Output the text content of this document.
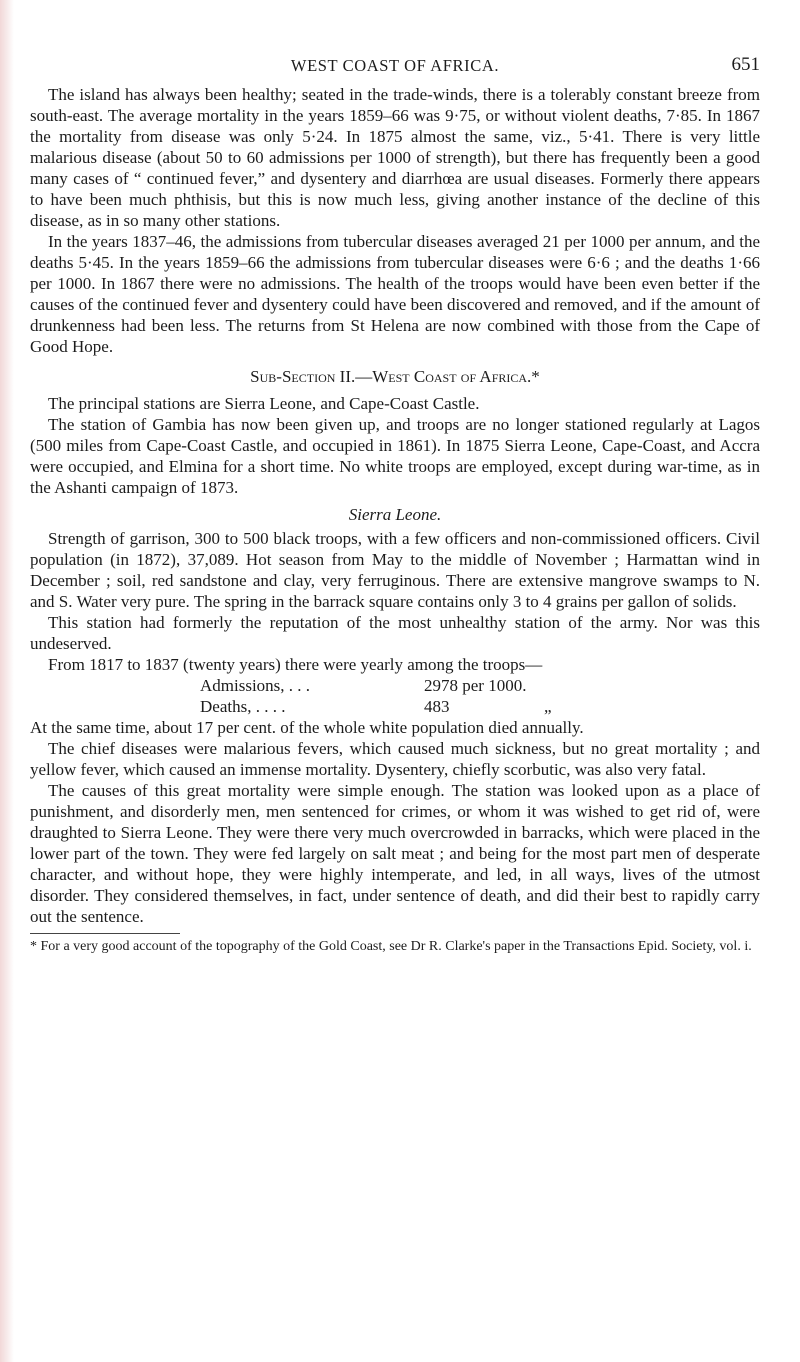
WEST COAST OF AFRICA.	651

The island has always been healthy; seated in the trade-winds, there is a tolerably constant breeze from south-east. The average mortality in the years 1859–66 was 9·75, or without violent deaths, 7·85. In 1867 the mortality from disease was only 5·24. In 1875 almost the same, viz., 5·41. There is very little malarious disease (about 50 to 60 admissions per 1000 of strength), but there has frequently been a good many cases of “ continued fever,” and dysentery and diarrhœa are usual diseases. Formerly there appears to have been much phthisis, but this is now much less, giving another instance of the decline of this disease, as in so many other stations.

In the years 1837–46, the admissions from tubercular diseases averaged 21 per 1000 per annum, and the deaths 5·45. In the years 1859–66 the admissions from tubercular diseases were 6·6 ; and the deaths 1·66 per 1000. In 1867 there were no admissions. The health of the troops would have been even better if the causes of the continued fever and dysentery could have been discovered and removed, and if the amount of drunkenness had been less. The returns from St Helena are now combined with those from the Cape of Good Hope.

Sub-Section II.—West Coast of Africa.*

The principal stations are Sierra Leone, and Cape-Coast Castle.

The station of Gambia has now been given up, and troops are no longer stationed regularly at Lagos (500 miles from Cape-Coast Castle, and occupied in 1861). In 1875 Sierra Leone, Cape-Coast, and Accra were occupied, and Elmina for a short time. No white troops are employed, except during war-time, as in the Ashanti campaign of 1873.

Sierra Leone.

Strength of garrison, 300 to 500 black troops, with a few officers and non-commissioned officers. Civil population (in 1872), 37,089. Hot season from May to the middle of November ; Harmattan wind in December ; soil, red sandstone and clay, very ferruginous. There are extensive mangrove swamps to N. and S. Water very pure. The spring in the barrack square contains only 3 to 4 grains per gallon of solids.

This station had formerly the reputation of the most unhealthy station of the army. Nor was this undeserved.

From 1817 to 1837 (twenty years) there were yearly among the troops—

Admissions, . . .	2978 per 1000.
Deaths, . . . .	483	„

At the same time, about 17 per cent. of the whole white population died annually.

The chief diseases were malarious fevers, which caused much sickness, but no great mortality ; and yellow fever, which caused an immense mortality. Dysentery, chiefly scorbutic, was also very fatal.

The causes of this great mortality were simple enough. The station was looked upon as a place of punishment, and disorderly men, men sentenced for crimes, or whom it was wished to get rid of, were draughted to Sierra Leone. They were there very much overcrowded in barracks, which were placed in the lower part of the town. They were fed largely on salt meat ; and being for the most part men of desperate character, and without hope, they were highly intemperate, and led, in all ways, lives of the utmost disorder. They considered themselves, in fact, under sentence of death, and did their best to rapidly carry out the sentence.

* For a very good account of the topography of the Gold Coast, see Dr R. Clarke's paper in the Transactions Epid. Society, vol. i.
